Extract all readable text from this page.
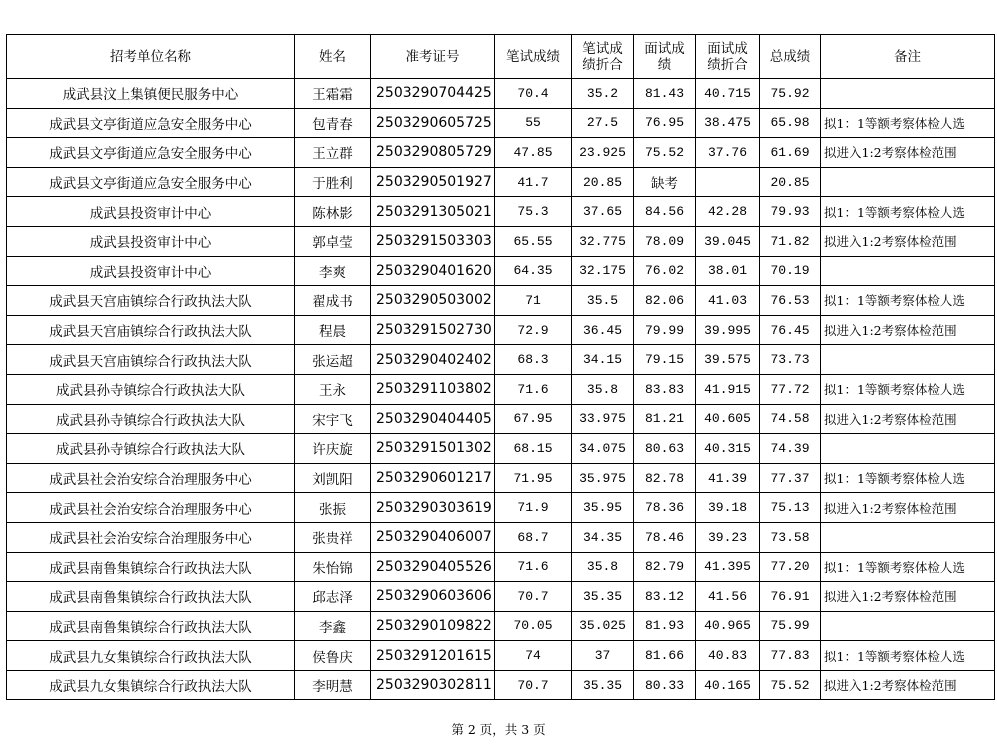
招考单位名称	姓名	准考证号	笔试成绩	笔试成绩折合	面试成绩	面试成绩折合	总成绩	备注
成武县汶上集镇便民服务中心	王霜霜	2503290704425	70.4	35.2	81.43	40.715	75.92	
成武县文亭街道应急安全服务中心	包青春	2503290605725	55	27.5	76.95	38.475	65.98	拟1：1等额考察体检人选
成武县文亭街道应急安全服务中心	王立群	2503290805729	47.85	23.925	75.52	37.76	61.69	拟进入1:2考察体检范围
成武县文亭街道应急安全服务中心	于胜利	2503290501927	41.7	20.85	缺考		20.85	
成武县投资审计中心	陈林影	2503291305021	75.3	37.65	84.56	42.28	79.93	拟1：1等额考察体检人选
成武县投资审计中心	郭卓莹	2503291503303	65.55	32.775	78.09	39.045	71.82	拟进入1:2考察体检范围
成武县投资审计中心	李爽	2503290401620	64.35	32.175	76.02	38.01	70.19	
成武县天宫庙镇综合行政执法大队	翟成书	2503290503002	71	35.5	82.06	41.03	76.53	拟1：1等额考察体检人选
成武县天宫庙镇综合行政执法大队	程晨	2503291502730	72.9	36.45	79.99	39.995	76.45	拟进入1:2考察体检范围
成武县天宫庙镇综合行政执法大队	张运超	2503290402402	68.3	34.15	79.15	39.575	73.73	
成武县孙寺镇综合行政执法大队	王永	2503291103802	71.6	35.8	83.83	41.915	77.72	拟1：1等额考察体检人选
成武县孙寺镇综合行政执法大队	宋宇飞	2503290404405	67.95	33.975	81.21	40.605	74.58	拟进入1:2考察体检范围
成武县孙寺镇综合行政执法大队	许庆旋	2503291501302	68.15	34.075	80.63	40.315	74.39	
成武县社会治安综合治理服务中心	刘凯阳	2503290601217	71.95	35.975	82.78	41.39	77.37	拟1：1等额考察体检人选
成武县社会治安综合治理服务中心	张振	2503290303619	71.9	35.95	78.36	39.18	75.13	拟进入1:2考察体检范围
成武县社会治安综合治理服务中心	张贵祥	2503290406007	68.7	34.35	78.46	39.23	73.58	
成武县南鲁集镇综合行政执法大队	朱怡锦	2503290405526	71.6	35.8	82.79	41.395	77.20	拟1：1等额考察体检人选
成武县南鲁集镇综合行政执法大队	邱志泽	2503290603606	70.7	35.35	83.12	41.56	76.91	拟进入1:2考察体检范围
成武县南鲁集镇综合行政执法大队	李鑫	2503290109822	70.05	35.025	81.93	40.965	75.99	
成武县九女集镇综合行政执法大队	侯鲁庆	2503291201615	74	37	81.66	40.83	77.83	拟1：1等额考察体检人选
成武县九女集镇综合行政执法大队	李明慧	2503290302811	70.7	35.35	80.33	40.165	75.52	拟进入1:2考察体检范围
第 2 页，共 3 页
